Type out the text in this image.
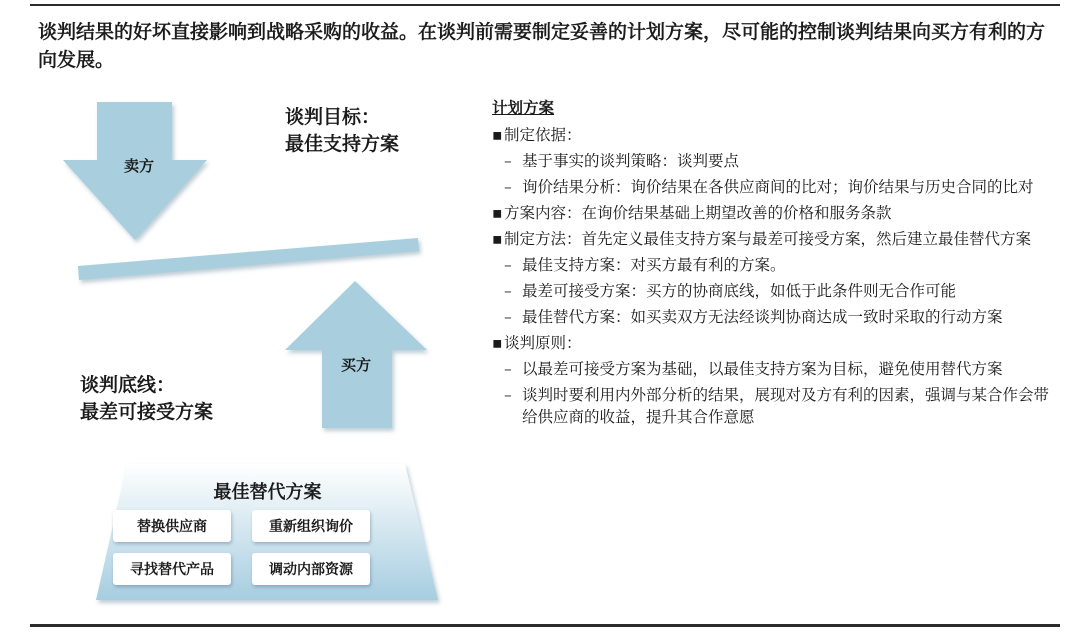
谈判结果的好坏直接影响到战略采购的收益。在谈判前需要制定妥善的计划方案，尽可能的控制谈判结果向买方有利的方向发展。
卖方
买方
谈判目标：
最佳支持方案
谈判底线：
最差可接受方案
最佳替代方案
替换供应商	重新组织询价
寻找替代产品	调动内部资源
计划方案
▪ 制定依据：
– 基于事实的谈判策略：谈判要点
– 询价结果分析：询价结果在各供应商间的比对；询价结果与历史合同的比对
▪ 方案内容：在询价结果基础上期望改善的价格和服务条款
▪ 制定方法：首先定义最佳支持方案与最差可接受方案，然后建立最佳替代方案
– 最佳支持方案：对买方最有利的方案。
– 最差可接受方案：买方的协商底线，如低于此条件则无合作可能
– 最佳替代方案：如买卖双方无法经谈判协商达成一致时采取的行动方案
▪ 谈判原则：
– 以最差可接受方案为基础，以最佳支持方案为目标，避免使用替代方案
– 谈判时要利用内外部分析的结果，展现对及方有利的因素，强调与某合作会带给供应商的收益，提升其合作意愿
